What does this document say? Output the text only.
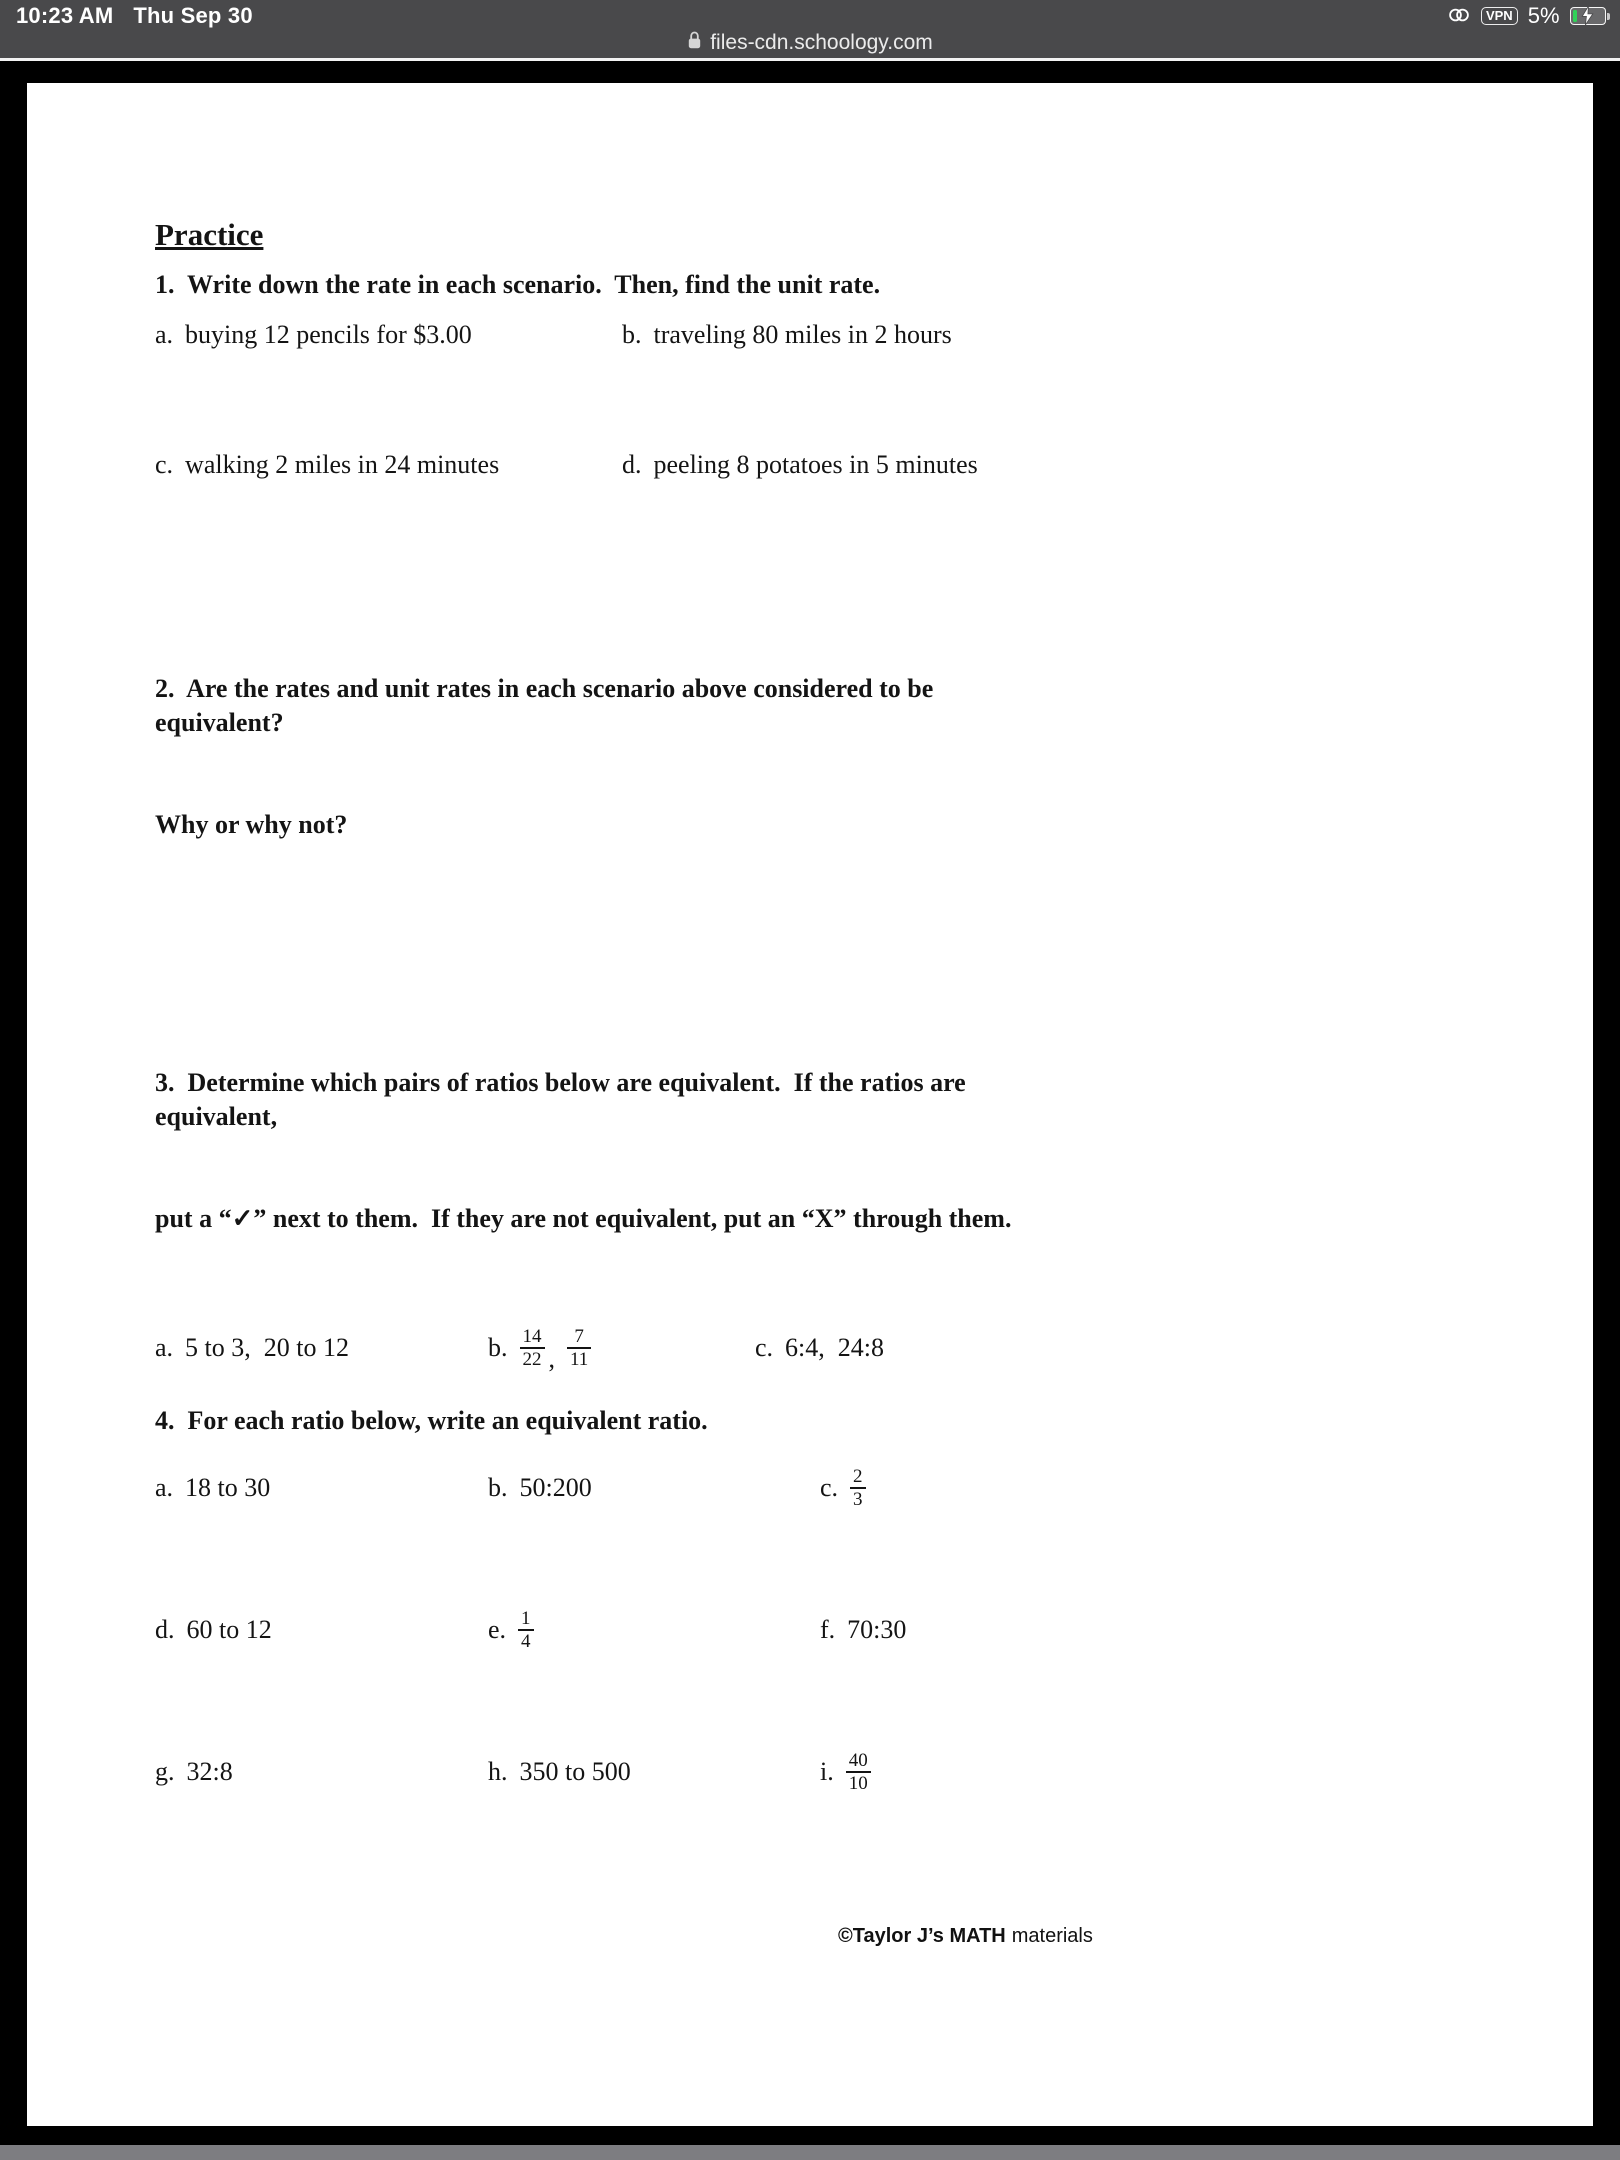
10:23 AM Thu Sep 30	VPN 5%
files-cdn.schoology.com
Practice
1.  Write down the rate in each scenario.  Then, find the unit rate.
a. buying 12 pencils for $3.00	b. traveling 80 miles in 2 hours
c. walking 2 miles in 24 minutes	d. peeling 8 potatoes in 5 minutes

2.  Are the rates and unit rates in each scenario above considered to be equivalent?

Why or why not?

3.  Determine which pairs of ratios below are equivalent.  If the ratios are equivalent,

put a “✓” next to them.  If they are not equivalent, put an “X” through them.

a. 5 to 3,  20 to 12	b. $\frac{14}{22}$ , $\frac{7}{11}$	c. 6:4,  24:8
4.  For each ratio below, write an equivalent ratio.
a. 18 to 30	b. 50:200	c. $\frac{2}{3}$
d. 60 to 12	e. $\frac{1}{4}$	f. 70:30
g. 32:8	h. 350 to 500	i. $\frac{40}{10}$
©Taylor J’s MATH materials
